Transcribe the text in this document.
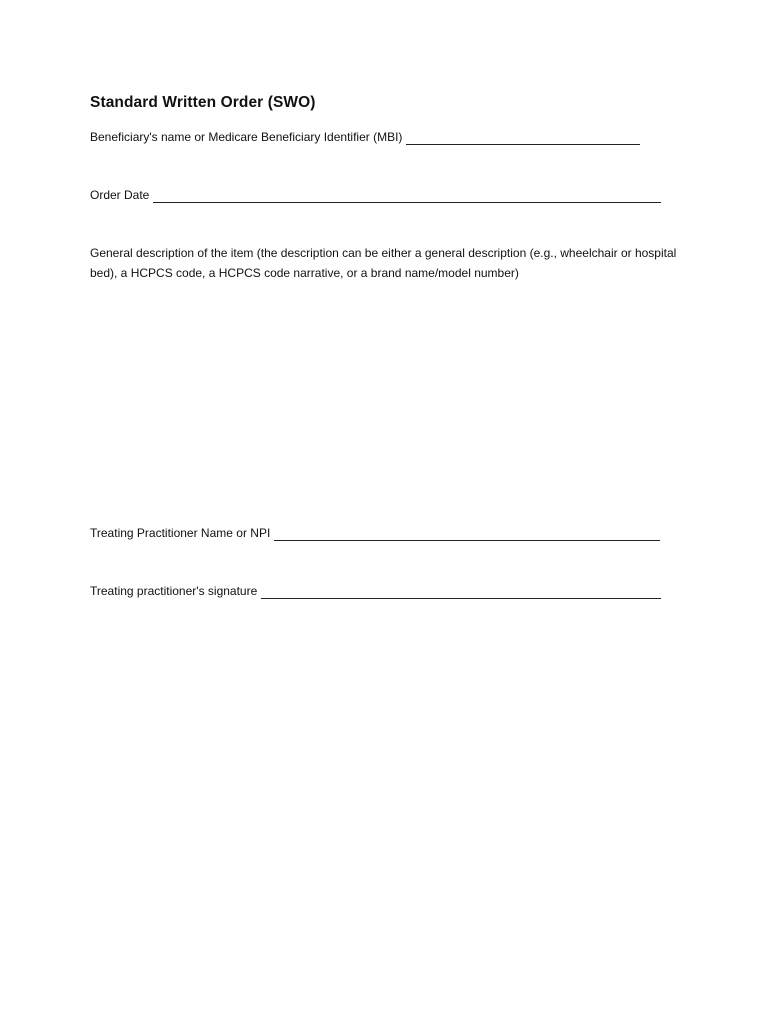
Standard Written Order (SWO)
Beneficiary's name or Medicare Beneficiary Identifier (MBI)
Order Date
General description of the item (the description can be either a general description (e.g., wheelchair or hospital bed), a HCPCS code, a HCPCS code narrative, or a brand name/model number)
Treating Practitioner Name or NPI
Treating practitioner's signature
